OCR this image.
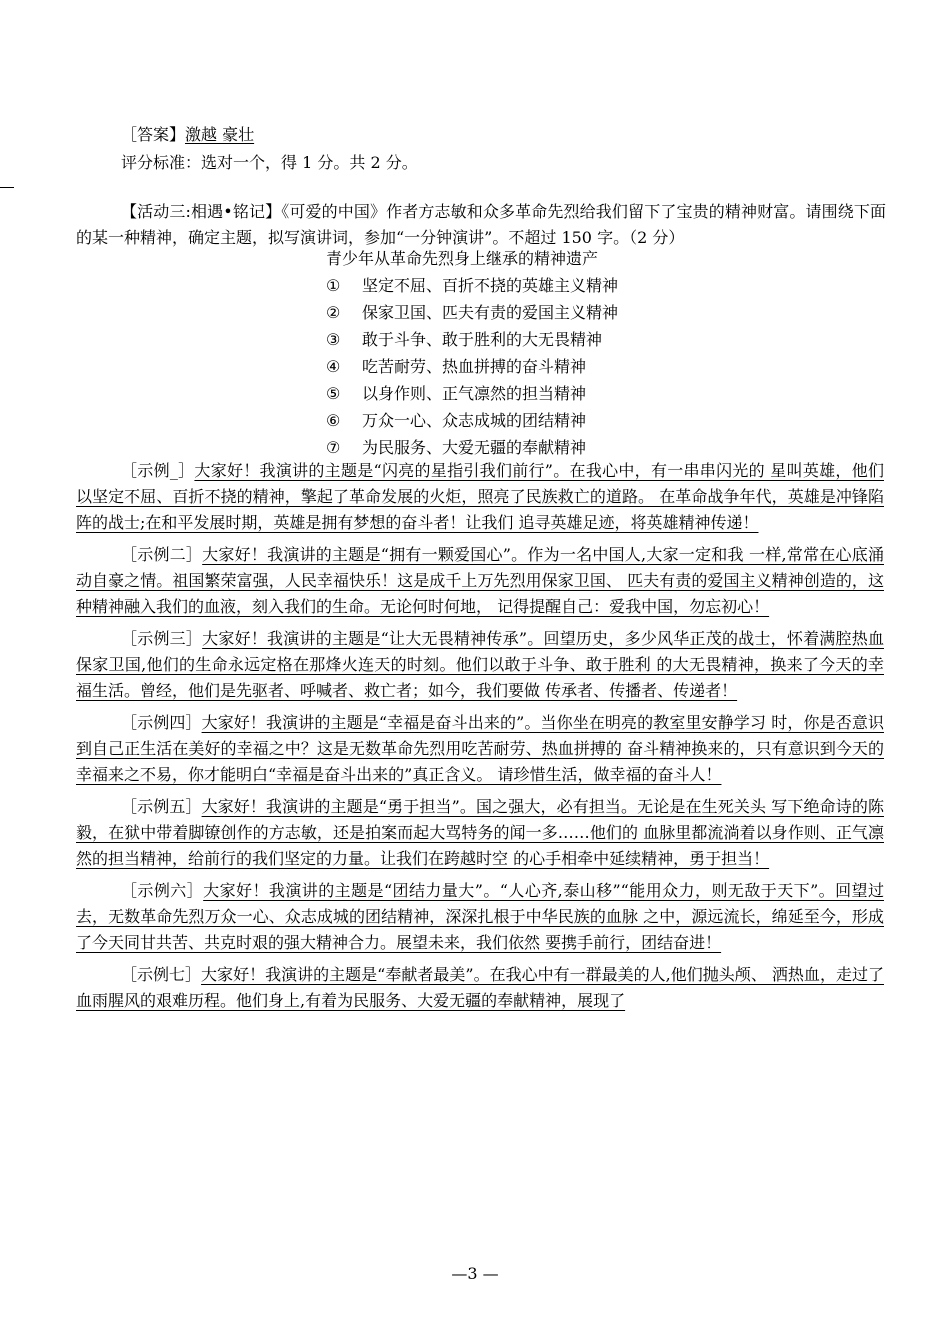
［答案】激越 豪壮
评分标准：选对一个，得 1 分。共 2 分。
【活动三:相遇•铭记】《可爱的中国》作者方志敏和众多革命先烈给我们留下了宝贵的精神财富。请围绕下面的某一种精神，确定主题，拟写演讲词，参加“一分钟演讲”。不超过 150 字。（2 分）
青少年从革命先烈身上继承的精神遗产
① 坚定不屈、百折不挠的英雄主义精神
② 保家卫国、匹夫有责的爱国主义精神
③ 敢于斗争、敢于胜利的大无畏精神
④ 吃苦耐劳、热血拼搏的奋斗精神
⑤ 以身作则、正气凛然的担当精神
⑥ 万众一心、众志成城的团结精神
⑦ 为民服务、大爱无疆的奉献精神

［示例_］大家好！我演讲的主题是“闪亮的星指引我们前行”。在我心中，有一串串闪光的 星叫英雄，他们以坚定不屈、百折不挠的精神，擎起了革命发展的火炬，照亮了民族救亡的道路。 在革命战争年代，英雄是冲锋陷阵的战士;在和平发展时期，英雄是拥有梦想的奋斗者！让我们 追寻英雄足迹，将英雄精神传递！

［示例二］大家好！我演讲的主题是“拥有一颗爱国心”。作为一名中国人,大家一定和我 一样,常常在心底涌动自豪之情。祖国繁荣富强，人民幸福快乐！这是成千上万先烈用保家卫国、 匹夫有责的爱国主义精神创造的，这种精神融入我们的血液，刻入我们的生命。无论何时何地， 记得提醒自己：爱我中国，勿忘初心！

［示例三］大家好！我演讲的主题是“让大无畏精神传承”。回望历史，多少风华正茂的战士，怀着满腔热血保家卫国,他们的生命永远定格在那烽火连天的时刻。他们以敢于斗争、敢于胜利 的大无畏精神，换来了今天的幸福生活。曾经，他们是先驱者、呼喊者、救亡者；如今，我们要做 传承者、传播者、传递者！

［示例四］大家好！我演讲的主题是“幸福是奋斗出来的”。当你坐在明亮的教室里安静学习 时，你是否意识到自己正生活在美好的幸福之中？这是无数革命先烈用吃苦耐劳、热血拼搏的 奋斗精神换来的，只有意识到今天的幸福来之不易，你才能明白“幸福是奋斗出来的”真正含义。 请珍惜生活，做幸福的奋斗人！

［示例五］大家好！我演讲的主题是“勇于担当”。国之强大，必有担当。无论是在生死关头 写下绝命诗的陈毅，在狱中带着脚镣创作的方志敏，还是拍案而起大骂特务的闻一多……他们的 血脉里都流淌着以身作则、正气凛然的担当精神，给前行的我们坚定的力量。让我们在跨越时空 的心手相牵中延续精神，勇于担当！

［示例六］大家好！我演讲的主题是“团结力量大”。“人心齐,泰山移”“能用众力，则无敌于天下”。回望过去，无数革命先烈万众一心、众志成城的团结精神，深深扎根于中华民族的血脉 之中，源远流长，绵延至今，形成了今天同甘共苦、共克时艰的强大精神合力。展望未来，我们依然 要携手前行，团结奋进！

［示例七］大家好！我演讲的主题是“奉献者最美”。在我心中有一群最美的人,他们抛头颅、 洒热血，走过了血雨腥风的艰难历程。他们身上,有着为民服务、大爱无疆的奉献精神，展现了

—3 —
